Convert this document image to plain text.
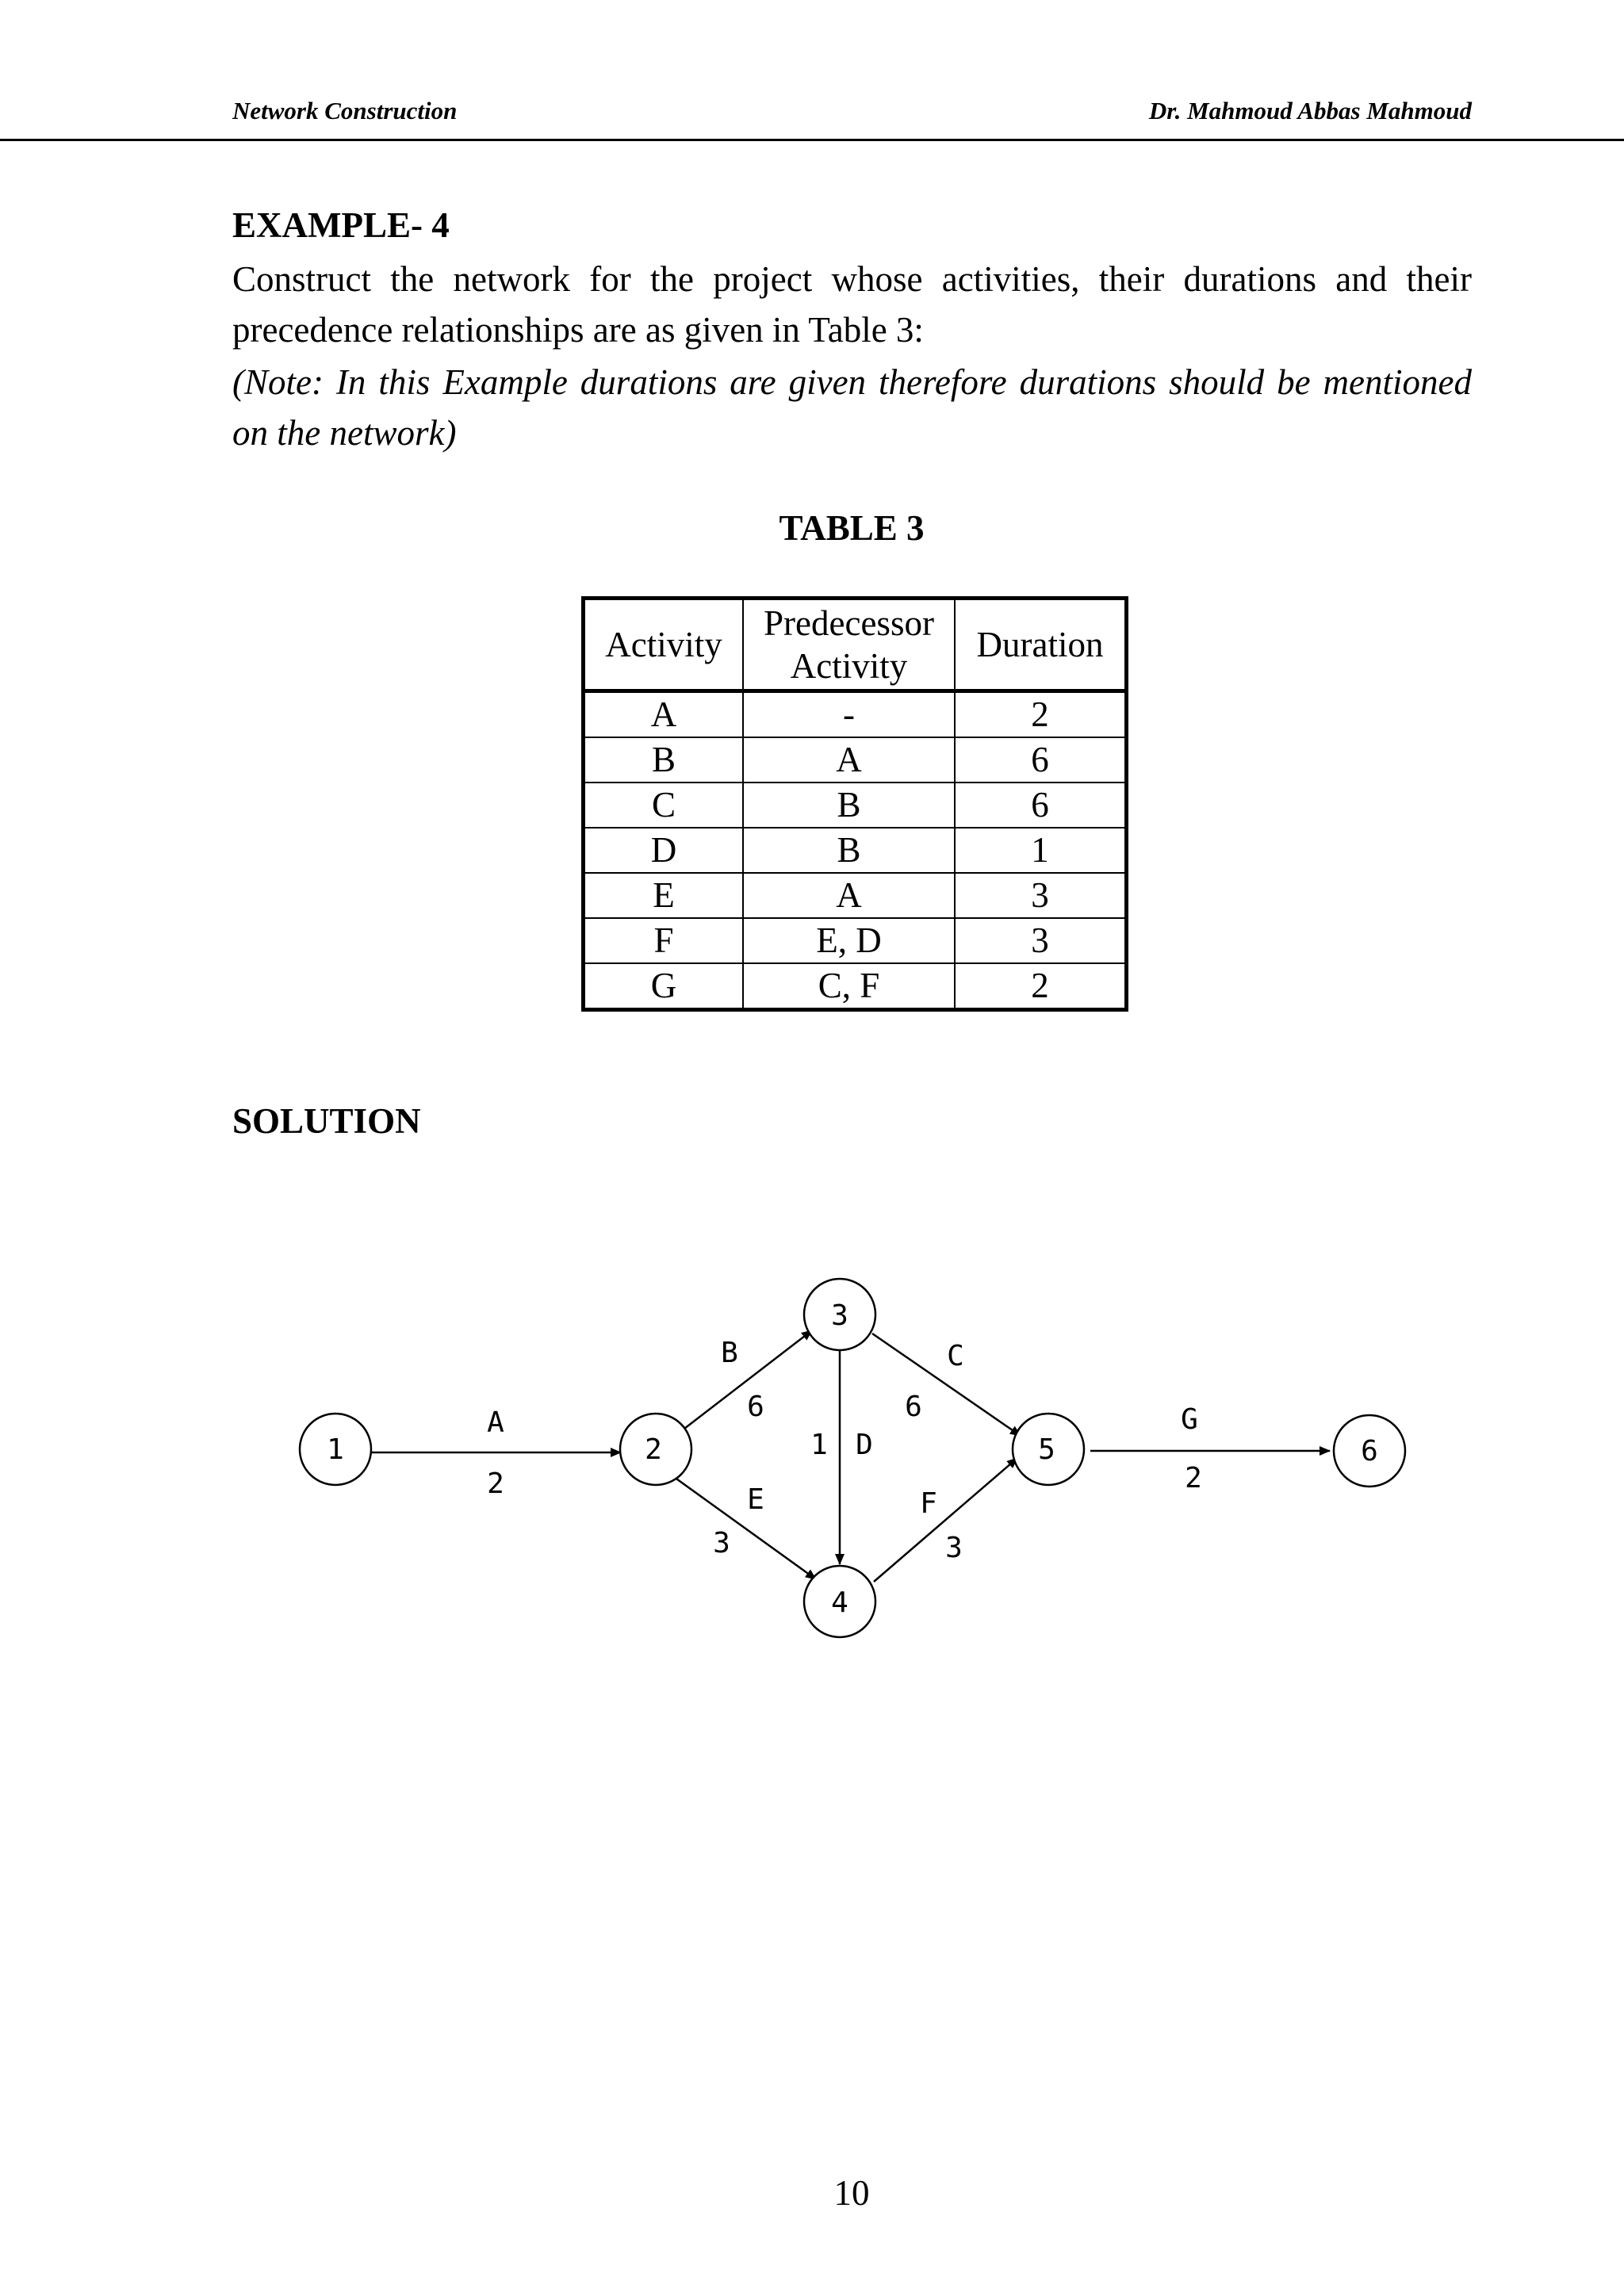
Network Construction	Dr. Mahmoud Abbas Mahmoud
EXAMPLE- 4

Construct the network for the project whose activities, their durations and their precedence relationships are as given in Table 3:

(Note: In this Example durations are given therefore durations should be mentioned on the network)

TABLE 3
Activity	Predecessor Activity	Duration
A	-	2
B	A	6
C	B	6
D	B	1
E	A	3
F	E, D	3
G	C, F	2
SOLUTION
A
2
B
6
C
6
1 D
E
3
F
3
G
2
1	2
3
4
5	6
10
